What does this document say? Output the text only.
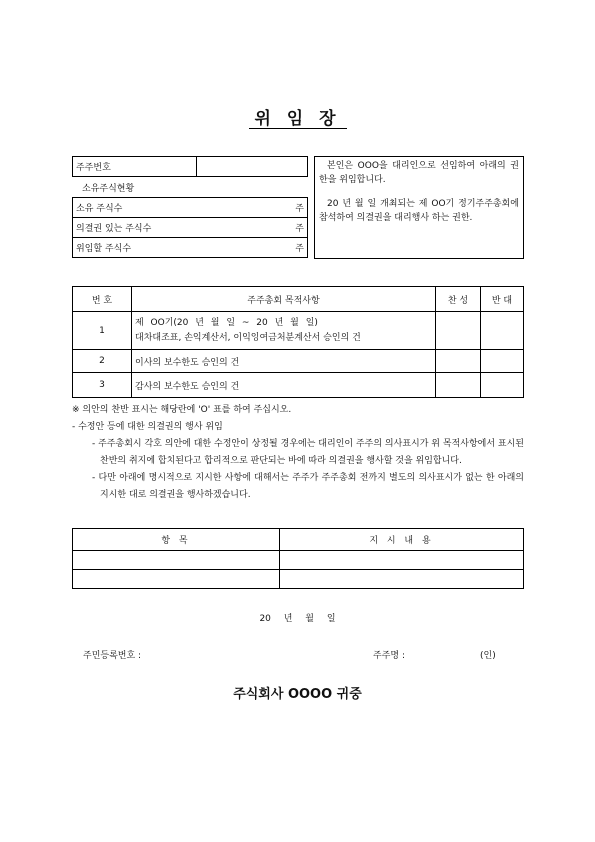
위 임 장
주주번호	
소유주식현황
소유 주식수	주
의결권 있는 주식수	주
위임할 주식수	주

본인은 OOO을 대리인으로 선임하여 아래의 권한을 위임합니다.

20 년 월 일 개최되는 제 OO기 정기주주총회에 참석하여 의결권을 대리행사 하는 권한.

번 호	주주총회 목적사항	찬 성	반 대
1	제 OO기(20 년 월 일 ~ 20 년 월 일)
대차대조표, 손익계산서, 이익잉여금처분계산서 승인의 건		

2	이사의 보수한도 승인의 건		
3	감사의 보수한도 승인의 건		

※ 의안의 찬반 표시는 해당란에 'O' 표를 하여 주십시오.

- 수정안 등에 대한 의결권의 행사 위임

- 주주총회시 각호 의안에 대한 수정안이 상정될 경우에는 대리인이 주주의 의사표시가 위 목적사항에서 표시된 찬반의 취지에 합치된다고 합리적으로 판단되는 바에 따라 의결권을 행사할 것을 위임합니다.

- 다만 아래에 명시적으로 지시한 사항에 대해서는 주주가 주주총회 전까지 별도의 의사표시가 없는 한 아래의 지시한 대로 의결권을 행사하겠습니다.

항 목	지 시 내 용

20 년 월 일
주민등록번호 :	주주명 :	(인)
주식회사 OOOO 귀중
